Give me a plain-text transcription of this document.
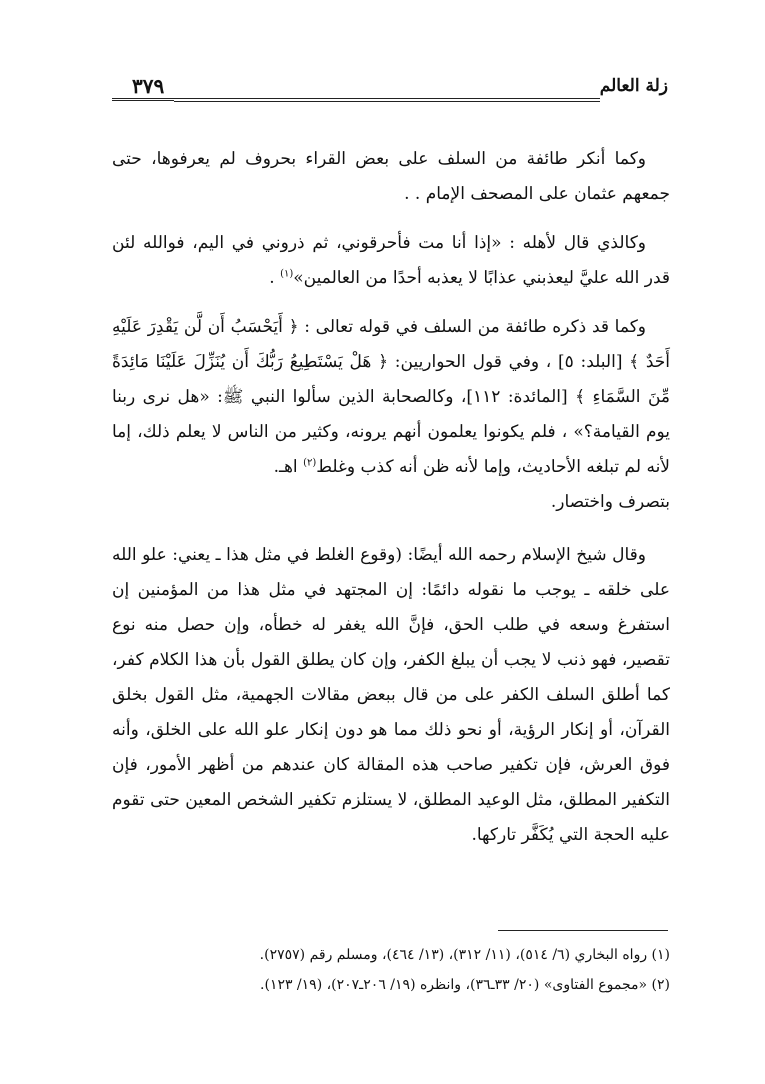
زلة العالم
٣٧٩

وكما أنكر طائفة من السلف على بعض القراء بحروف لم يعرفوها، حتى جمعهم عثمان على المصحف الإمام . .

وكالذي قال لأهله : «إذا أنا مت فأحرقوني، ثم ذروني في اليم، فوالله لئن قدر الله عليَّ ليعذبني عذابًا لا يعذبه أحدًا من العالمين»$^{(١)}$ .

وكما قد ذكره طائفة من السلف في قوله تعالى : ﴿ أَيَحْسَبُ أَن لَّن يَقْدِرَ عَلَيْهِ أَحَدٌ ﴾ [البلد: ٥] ، وفي قول الحواريين: ﴿ هَلْ يَسْتَطِيعُ رَبُّكَ أَن يُنَزِّلَ عَلَيْنَا مَائِدَةً مِّنَ السَّمَاءِ ﴾ [المائدة: ١١٢]، وكالصحابة الذين سألوا النبي ﷺ: «هل نرى ربنا يوم القيامة؟» ، فلم يكونوا يعلمون أنهم يرونه، وكثير من الناس لا يعلم ذلك، إما لأنه لم تبلغه الأحاديث، وإما لأنه ظن أنه كذب وغلط$^{(٢)}$ اهـ.

بتصرف واختصار.

وقال شيخ الإسلام رحمه الله أيضًا: (وقوع الغلط في مثل هذا ـ يعني: علو الله على خلقه ـ يوجب ما نقوله دائمًا: إن المجتهد في مثل هذا من المؤمنين إن استفرغ وسعه في طلب الحق، فإنَّ الله يغفر له خطأه، وإن حصل منه نوع تقصير، فهو ذنب لا يجب أن يبلغ الكفر، وإن كان يطلق القول بأن هذا الكلام كفر، كما أطلق السلف الكفر على من قال ببعض مقالات الجهمية، مثل القول بخلق القرآن، أو إنكار الرؤية، أو نحو ذلك مما هو دون إنكار علو الله على الخلق، وأنه فوق العرش، فإن تكفير صاحب هذه المقالة كان عندهم من أظهر الأمور، فإن التكفير المطلق، مثل الوعيد المطلق، لا يستلزم تكفير الشخص المعين حتى تقوم عليه الحجة التي يُكَفَّر تاركها.

(١) رواه البخاري (٦/ ٥١٤)، (١١/ ٣١٢)، (١٣/ ٤٦٤)، ومسلم رقم (٢٧٥٧).
(٢) «مجموع الفتاوى» (٢٠/ ٣٣ـ٣٦)، وانظره (١٩/ ٢٠٦ـ٢٠٧)، (١٩/ ١٢٣).
